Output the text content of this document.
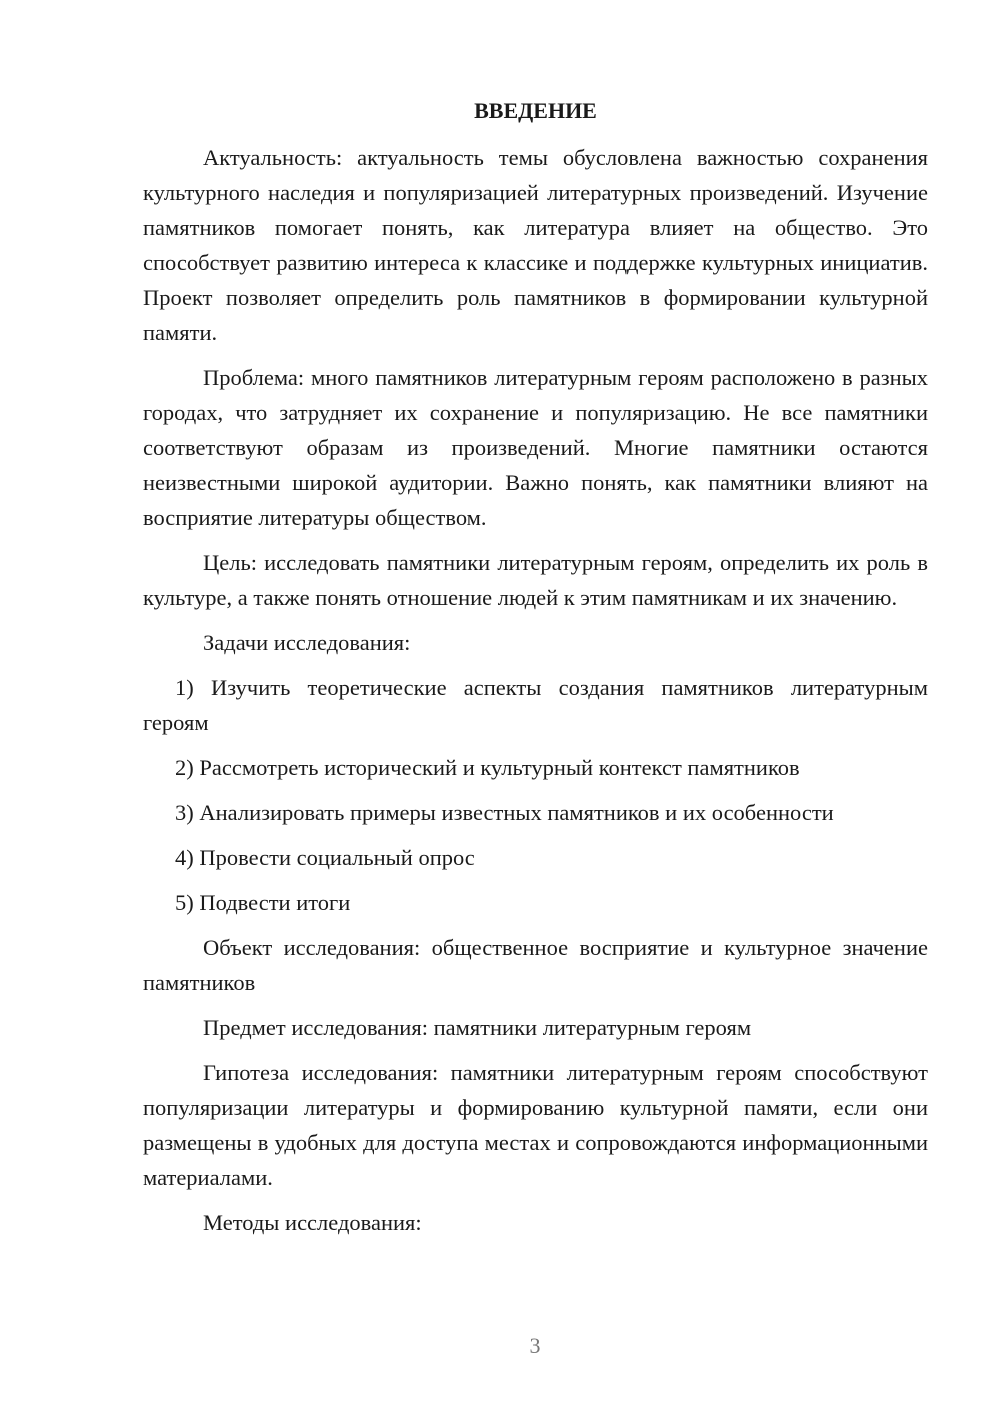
ВВЕДЕНИЕ

Актуальность: актуальность темы обусловлена важностью сохранения культурного наследия и популяризацией литературных произведений. Изучение памятников помогает понять, как литература влияет на общество. Это способствует развитию интереса к классике и поддержке культурных инициатив. Проект позволяет определить роль памятников в формировании культурной памяти.

Проблема: много памятников литературным героям расположено в разных городах, что затрудняет их сохранение и популяризацию. Не все памятники соответствуют образам из произведений. Многие памятники остаются неизвестными широкой аудитории. Важно понять, как памятники влияют на восприятие литературы обществом.

Цель: исследовать памятники литературным героям, определить их роль в культуре, а также понять отношение людей к этим памятникам и их значению.

Задачи исследования:

1) Изучить теоретические аспекты создания памятников литературным героям

2) Рассмотреть исторический и культурный контекст памятников

3) Анализировать примеры известных памятников и их особенности

4) Провести социальный опрос

5) Подвести итоги

Объект исследования: общественное восприятие и культурное значение памятников

Предмет исследования: памятники литературным героям

Гипотеза исследования: памятники литературным героям способствуют популяризации литературы и формированию культурной памяти, если они размещены в удобных для доступа местах и сопровождаются информационными материалами.

Методы исследования:

3
